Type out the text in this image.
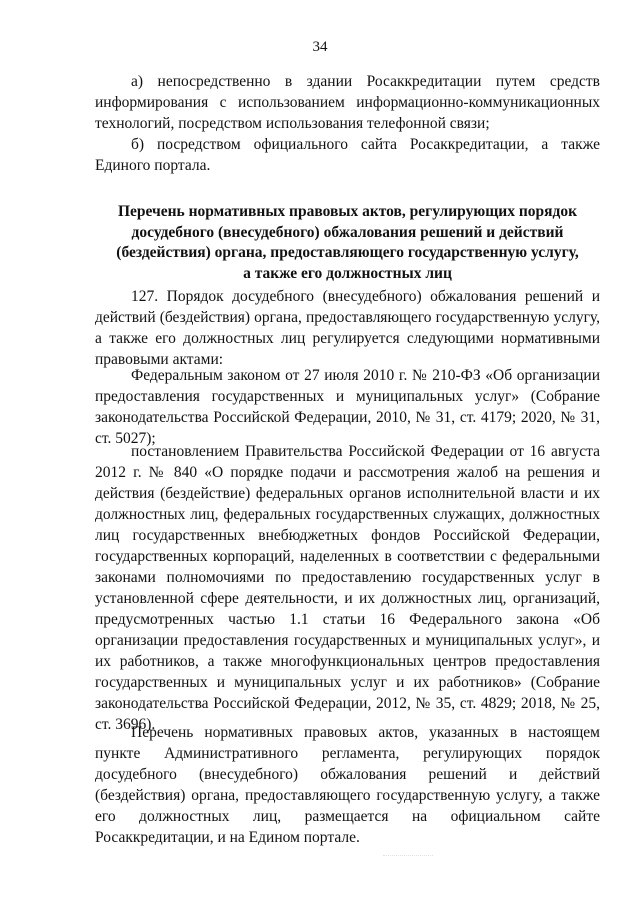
34

а) непосредственно в здании Росаккредитации путем средств информирования с использованием информационно-коммуникационных технологий, посредством использования телефонной связи;

б) посредством официального сайта Росаккредитации, а также Единого портала.

Перечень нормативных правовых актов, регулирующих порядок
досудебного (внесудебного) обжалования решений и действий
(бездействия) органа, предоставляющего государственную услугу,
а также его должностных лиц

127. Порядок досудебного (внесудебного) обжалования решений и действий (бездействия) органа, предоставляющего государственную услугу, а также его должностных лиц регулируется следующими нормативными правовыми актами:

Федеральным законом от 27 июля 2010 г. № 210-ФЗ «Об организации предоставления государственных и муниципальных услуг» (Собрание законодательства Российской Федерации, 2010, № 31, ст. 4179; 2020, № 31, ст. 5027);

постановлением Правительства Российской Федерации от 16 августа 2012 г. № 840 «О порядке подачи и рассмотрения жалоб на решения и действия (бездействие) федеральных органов исполнительной власти и их должностных лиц, федеральных государственных служащих, должностных лиц государственных внебюджетных фондов Российской Федерации, государственных корпораций, наделенных в соответствии с федеральными законами полномочиями по предоставлению государственных услуг в установленной сфере деятельности, и их должностных лиц, организаций, предусмотренных частью 1.1 статьи 16 Федерального закона «Об организации предоставления государственных и муниципальных услуг», и их работников, а также многофункциональных центров предоставления государственных и муниципальных услуг и их работников» (Собрание законодательства Российской Федерации, 2012, № 35, ст. 4829; 2018, № 25, ст. 3696).

Перечень нормативных правовых актов, указанных в настоящем пункте Административного регламента, регулирующих порядок досудебного (внесудебного) обжалования решений и действий (бездействия) органа, предоставляющего государственную услугу, а также его должностных лиц, размещается на официальном сайте Росаккредитации, и на Едином портале.
